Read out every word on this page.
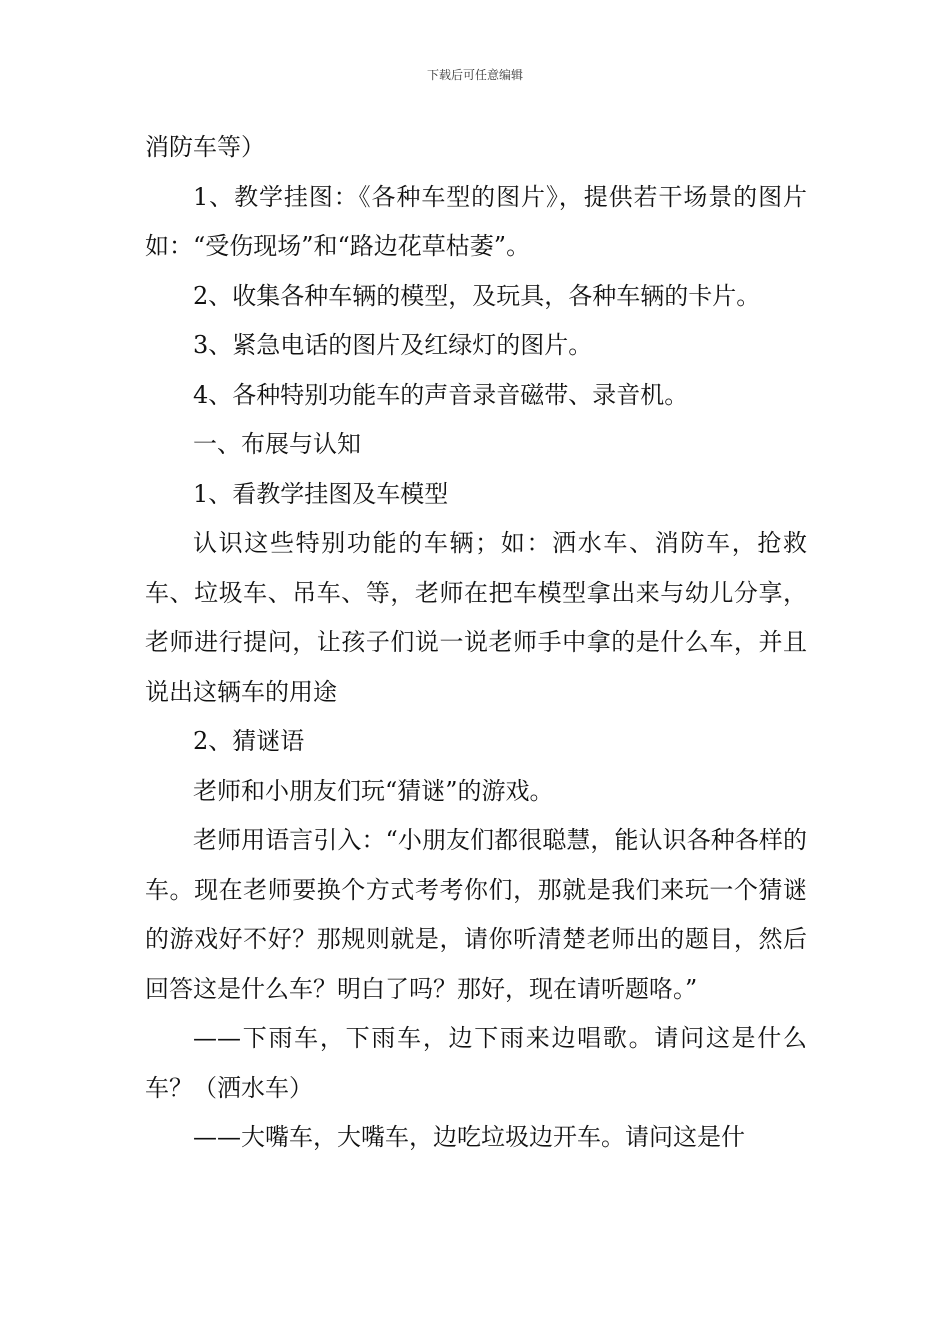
下载后可任意编辑

消防车等）

1、教学挂图：《各种车型的图片》，提供若干场景的图片如：“受伤现场”和“路边花草枯萎”。

2、收集各种车辆的模型，及玩具，各种车辆的卡片。

3、紧急电话的图片及红绿灯的图片。

4、各种特别功能车的声音录音磁带、录音机。

一、布展与认知

1、看教学挂图及车模型

认识这些特别功能的车辆；如：洒水车、消防车，抢救车、垃圾车、吊车、等，老师在把车模型拿出来与幼儿分享，老师进行提问，让孩子们说一说老师手中拿的是什么车，并且说出这辆车的用途

2、猜谜语

老师和小朋友们玩“猜谜”的游戏。

老师用语言引入：“小朋友们都很聪慧，能认识各种各样的车。现在老师要换个方式考考你们，那就是我们来玩一个猜谜的游戏好不好？那规则就是，请你听清楚老师出的题目，然后回答这是什么车？明白了吗？那好，现在请听题咯。”

——下雨车，下雨车，边下雨来边唱歌。请问这是什么车？（洒水车）

——大嘴车，大嘴车，边吃垃圾边开车。请问这是什
